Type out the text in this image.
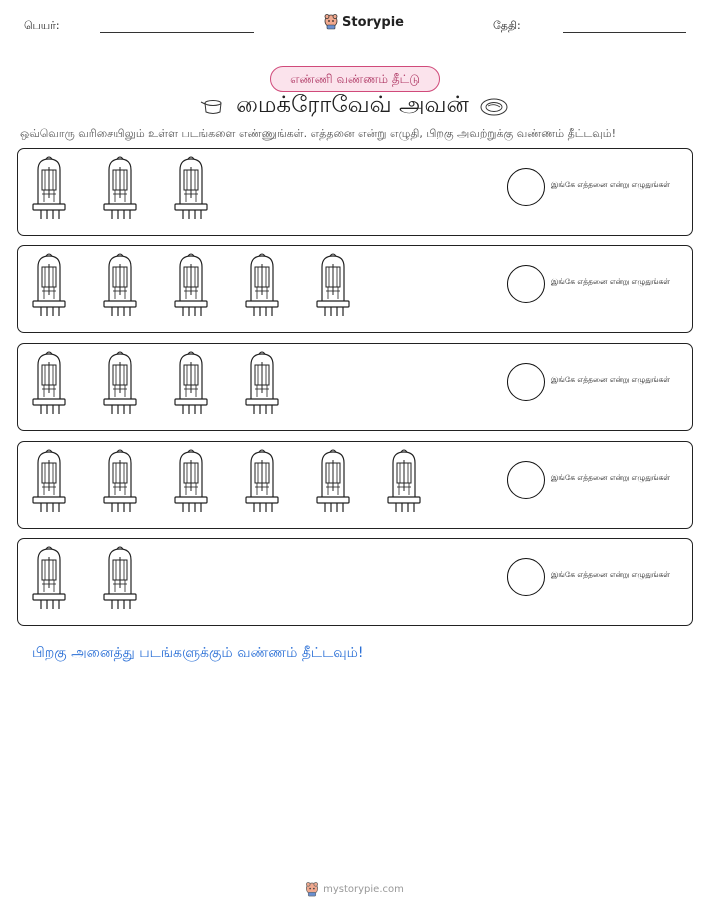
பெயர்:	Storypie	தேதி:
எண்ணி வண்ணம் தீட்டு
மைக்ரோவேவ் அவன்
ஒவ்வொரு வரிசையிலும் உள்ள படங்களை எண்ணுங்கள். எத்தனை என்று எழுதி, பிறகு அவற்றுக்கு வண்ணம் தீட்டவும்!
இங்கே எத்தனை என்று எழுதுங்கள்
இங்கே எத்தனை என்று எழுதுங்கள்
இங்கே எத்தனை என்று எழுதுங்கள்
இங்கே எத்தனை என்று எழுதுங்கள்
இங்கே எத்தனை என்று எழுதுங்கள்
பிறகு அனைத்து படங்களுக்கும் வண்ணம் தீட்டவும்!
mystorypie.com
